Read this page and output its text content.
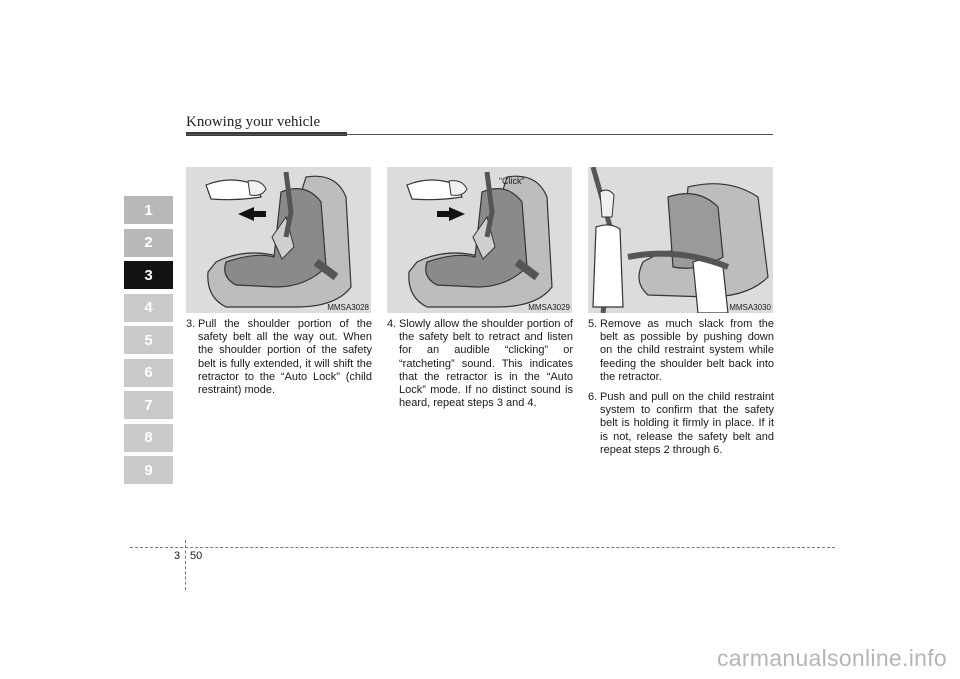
Knowing your vehicle
1
2
3
4
5
6
7
8
9
MMSA3028
“Click”
MMSA3029	MMSA3030
3. Pull the shoulder portion of the safety belt all the way out. When the shoulder portion of the safety belt is fully extended, it will shift the retractor to the “Auto Lock” (child restraint) mode.
4. Slowly allow the shoulder portion of the safety belt to retract and listen for an audible “clicking” or “ratcheting” sound. This indicates that the retractor is in the “Auto Lock” mode. If no distinct sound is heard, repeat steps 3 and 4.
5. Remove as much slack from the belt as possible by pushing down on the child restraint system while feeding the shoulder belt back into the retractor.
6. Push and pull on the child restraint system to confirm that the safety belt is holding it firmly in place. If it is not, release the safety belt and repeat steps 2 through 6.
3 50
carmanualsonline.info
